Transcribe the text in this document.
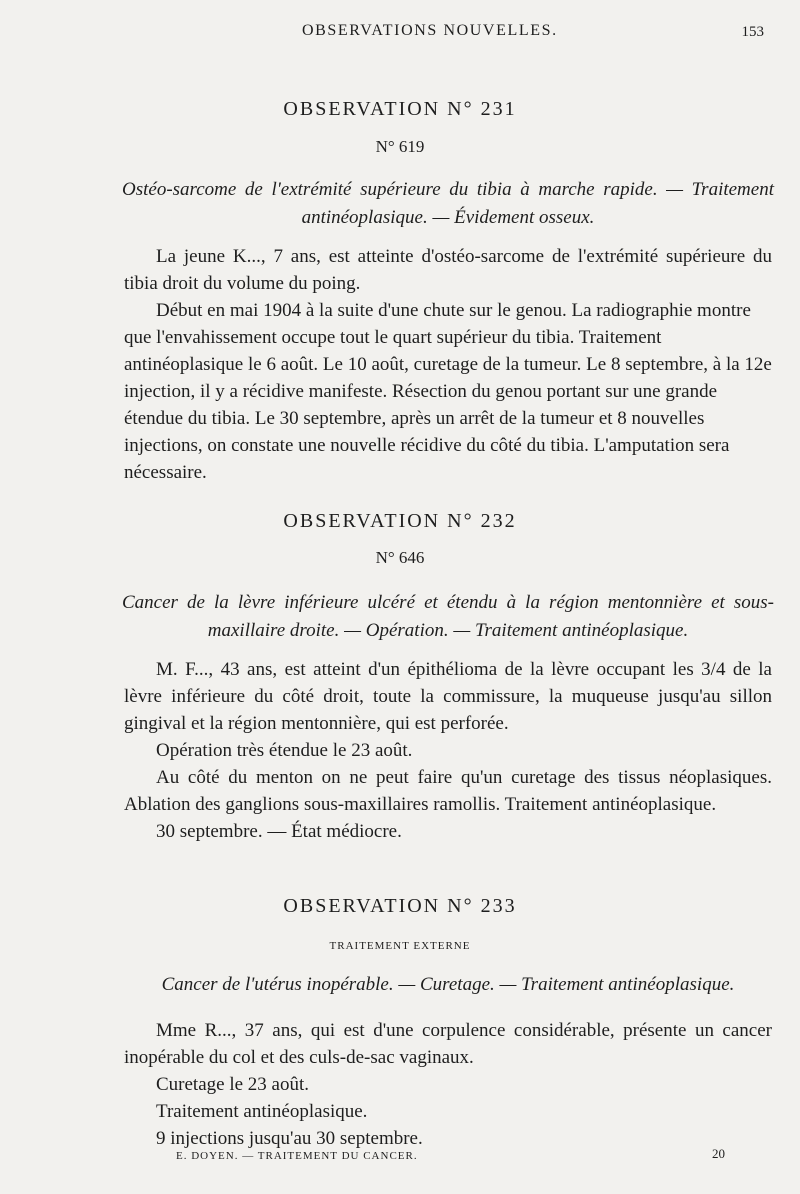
OBSERVATIONS NOUVELLES.	153
OBSERVATION N° 231
N° 619
Ostéo-sarcome de l'extrémité supérieure du tibia à marche rapide. — Traitement antinéoplasique. — Évidement osseux.

La jeune K..., 7 ans, est atteinte d'ostéo-sarcome de l'extrémité supérieure du tibia droit du volume du poing.

Début en mai 1904 à la suite d'une chute sur le genou. La radiographie montre que l'envahissement occupe tout le quart supérieur du tibia. Traitement antinéoplasique le 6 août. Le 10 août, curetage de la tumeur. Le 8 septembre, à la 12e injection, il y a récidive manifeste. Résection du genou portant sur une grande étendue du tibia. Le 30 septembre, après un arrêt de la tumeur et 8 nouvelles injections, on constate une nouvelle récidive du côté du tibia. L'amputation sera nécessaire.

OBSERVATION N° 232
N° 646
Cancer de la lèvre inférieure ulcéré et étendu à la région mentonnière et sous-maxillaire droite. — Opération. — Traitement antinéoplasique.

M. F..., 43 ans, est atteint d'un épithélioma de la lèvre occupant les 3/4 de la lèvre inférieure du côté droit, toute la commissure, la muqueuse jusqu'au sillon gingival et la région mentonnière, qui est perforée.

Opération très étendue le 23 août.

Au côté du menton on ne peut faire qu'un curetage des tissus néoplasiques. Ablation des ganglions sous-maxillaires ramollis. Traitement antinéoplasique.

30 septembre. — État médiocre.

OBSERVATION N° 233
TRAITEMENT EXTERNE
Cancer de l'utérus inopérable. — Curetage. — Traitement antinéoplasique.

Mme R..., 37 ans, qui est d'une corpulence considérable, présente un cancer inopérable du col et des culs-de-sac vaginaux.

Curetage le 23 août.

Traitement antinéoplasique.

9 injections jusqu'au 30 septembre.

E. DOYEN. — TRAITEMENT DU CANCER.	20
